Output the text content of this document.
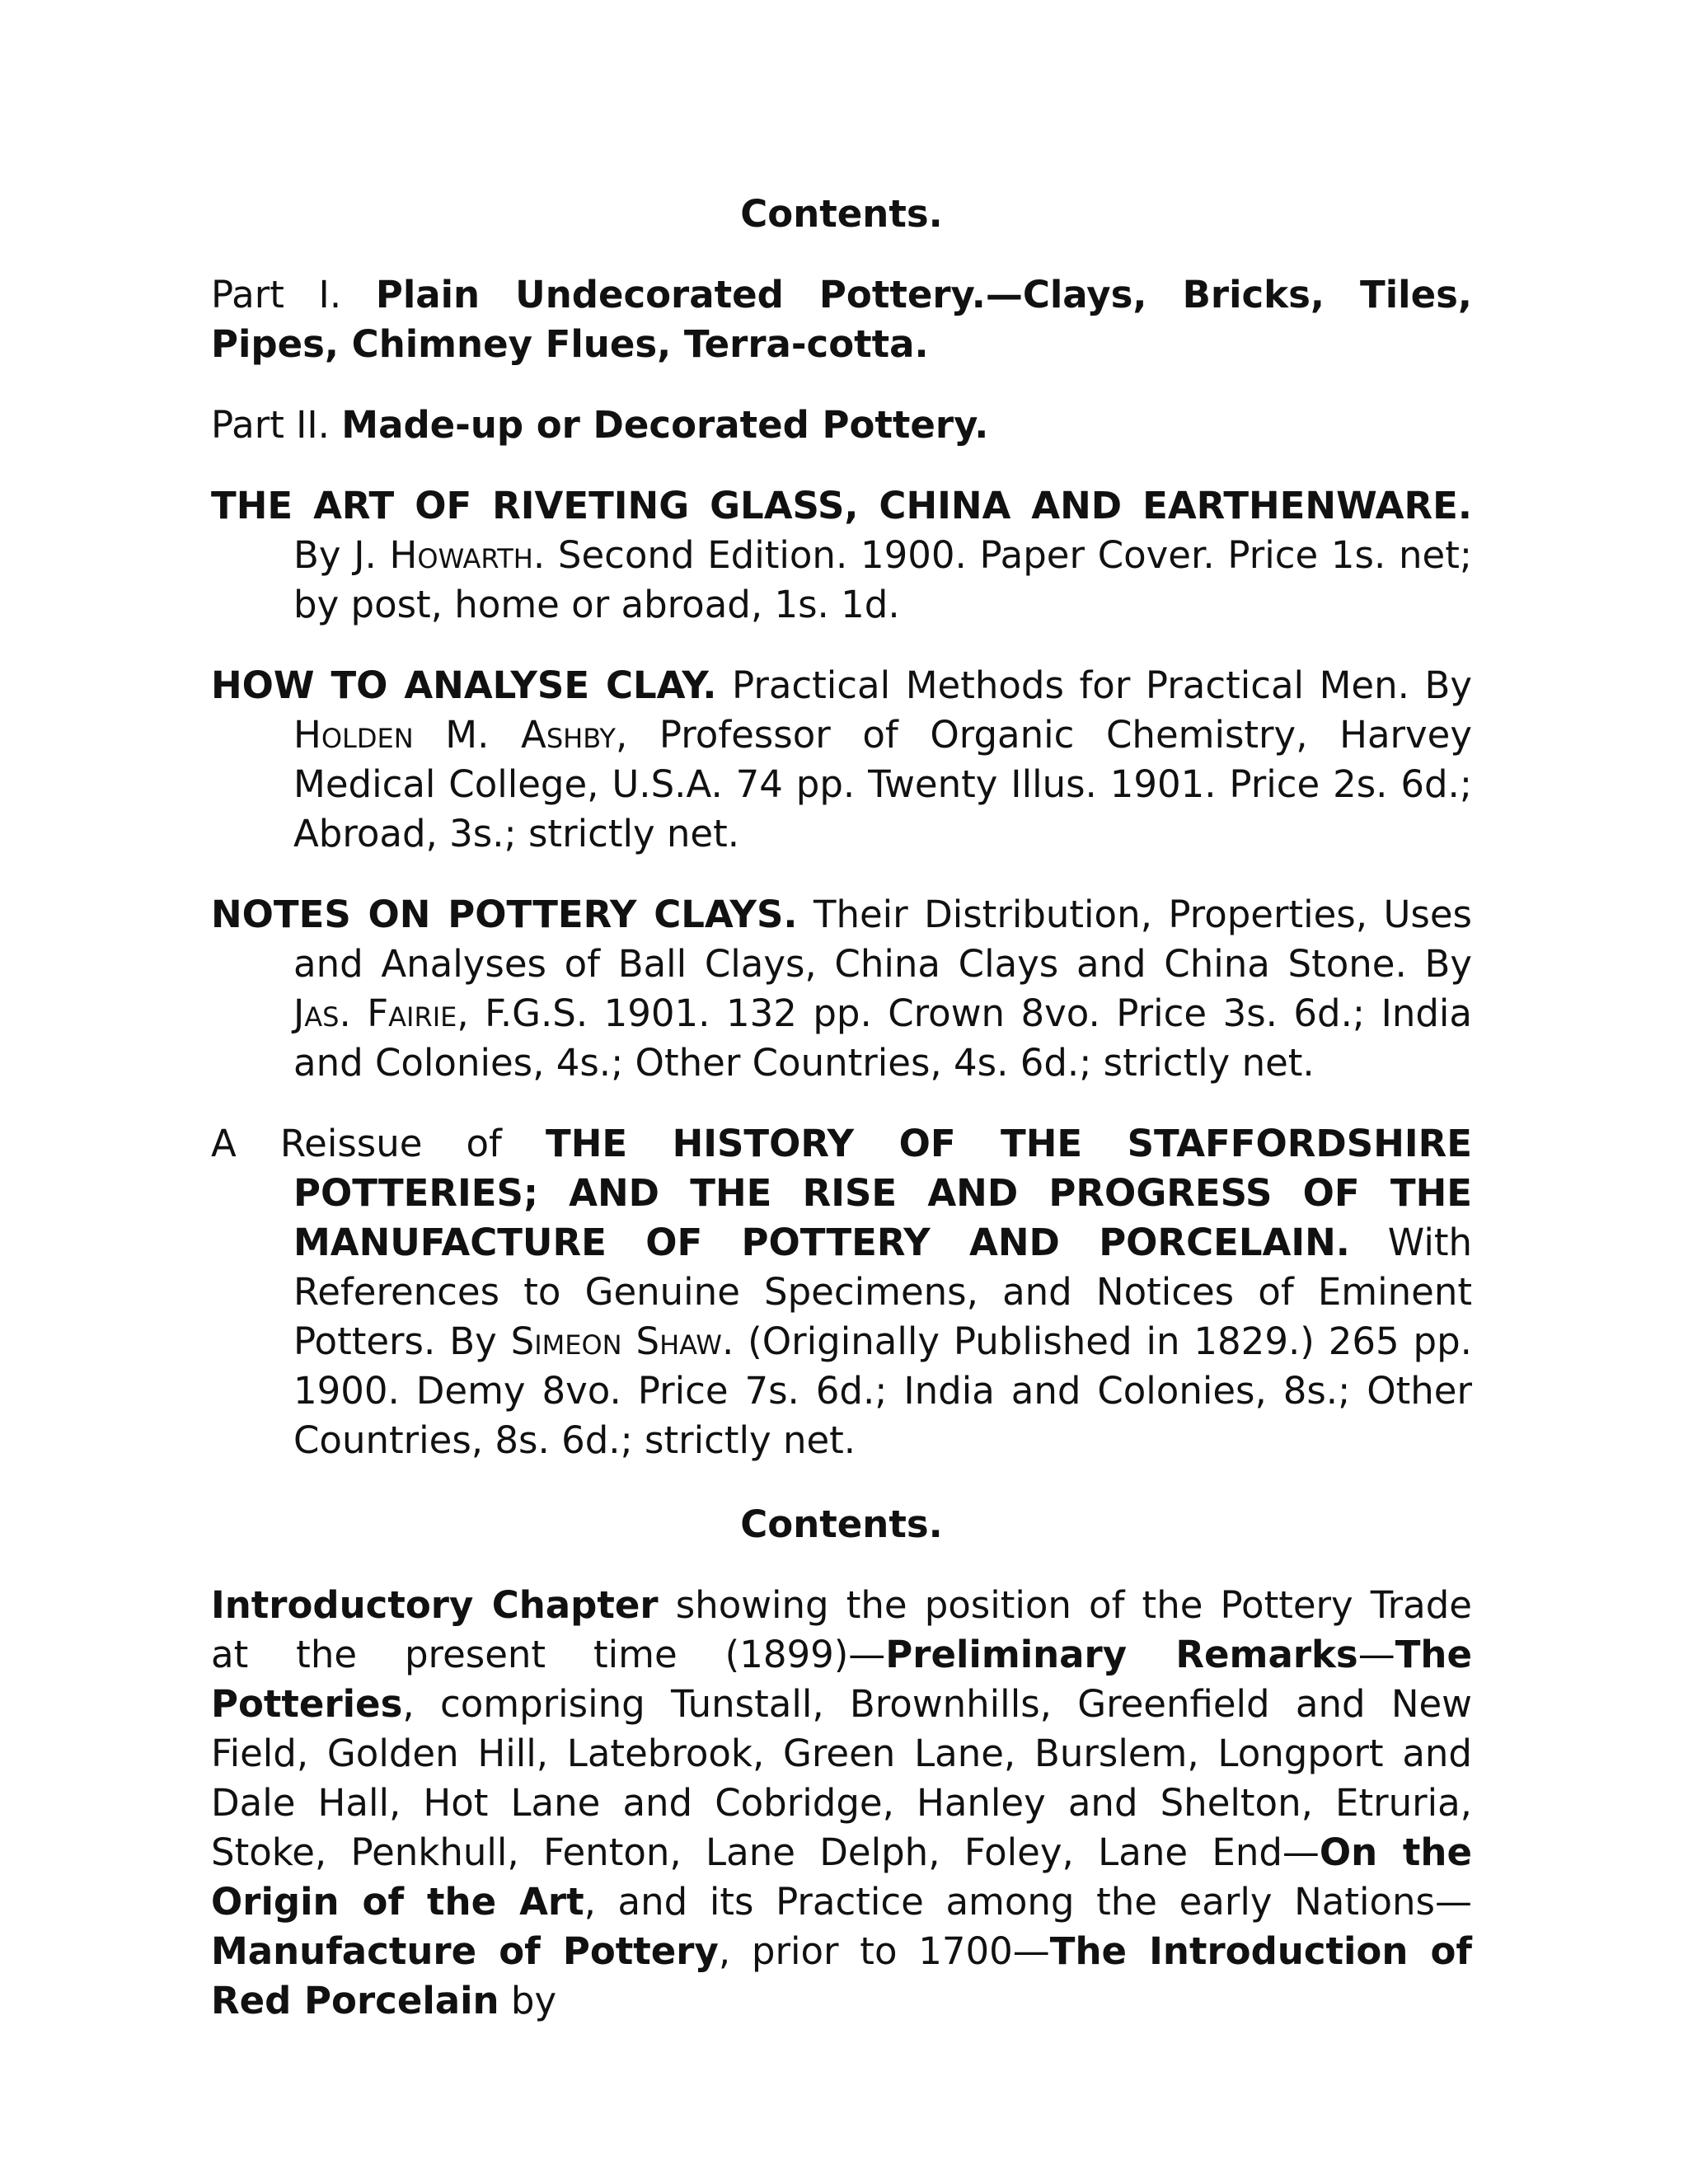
Contents.

Part I. Plain Undecorated Pottery.—Clays, Bricks, Tiles, Pipes, Chimney Flues, Terra-cotta.

Part II. Made-up or Decorated Pottery.

THE ART OF RIVETING GLASS, CHINA AND EARTHENWARE. By J. Howarth. Second Edition. 1900. Paper Cover. Price 1s. net; by post, home or abroad, 1s. 1d.

HOW TO ANALYSE CLAY. Practical Methods for Practical Men. By Holden M. Ashby, Professor of Organic Chemistry, Harvey Medical College, U.S.A. 74 pp. Twenty Illus. 1901. Price 2s. 6d.; Abroad, 3s.; strictly net.

NOTES ON POTTERY CLAYS. Their Distribution, Properties, Uses and Analyses of Ball Clays, China Clays and China Stone. By Jas. Fairie, F.G.S. 1901. 132 pp. Crown 8vo. Price 3s. 6d.; India and Colonies, 4s.; Other Countries, 4s. 6d.; strictly net.

A Reissue of THE HISTORY OF THE STAFFORDSHIRE POTTERIES; AND THE RISE AND PROGRESS OF THE MANUFACTURE OF POTTERY AND PORCELAIN. With References to Genuine Specimens, and Notices of Eminent Potters. By Simeon Shaw. (Originally Published in 1829.) 265 pp. 1900. Demy 8vo. Price 7s. 6d.; India and Colonies, 8s.; Other Countries, 8s. 6d.; strictly net.

Contents.

Introductory Chapter showing the position of the Pottery Trade at the present time (1899)—Preliminary Remarks—The Potteries, comprising Tunstall, Brownhills, Greenfield and New Field, Golden Hill, Latebrook, Green Lane, Burslem, Longport and Dale Hall, Hot Lane and Cobridge, Hanley and Shelton, Etruria, Stoke, Penkhull, Fenton, Lane Delph, Foley, Lane End—On the Origin of the Art, and its Practice among the early Nations—Manufacture of Pottery, prior to 1700—The Introduction of Red Porcelain by
